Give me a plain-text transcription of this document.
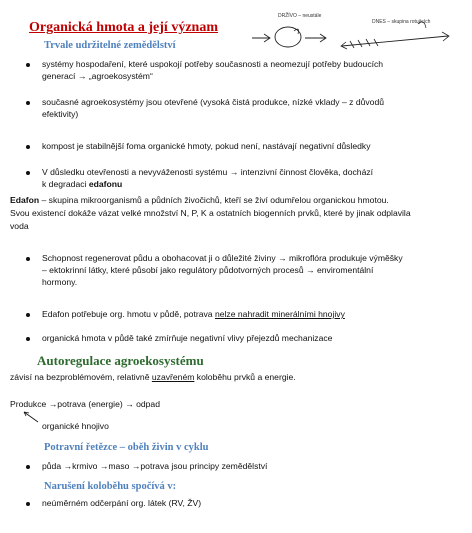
Organická hmota a její význam
DRŽÍVO – neustále
DNES – skupina rotujících
Trvale udržitelné zemědělství
systémy hospodaření, které uspokojí potřeby současnosti a neomezují potřeby budoucích
generací → „agroekosystém“
současné agroekosystémy jsou otevřené (vysoká čistá produkce, nízké vklady – z důvodů
efektivity)
kompost je stabilnější foma organické hmoty, pokud není, nastávají negativní důsledky
V důsledku otevřenosti a nevyváženosti systému → intenzivní činnost člověka, dochází
k degradaci edafonu
Edafon – skupina mikroorganismů a půdních živočichů, kteří se živí odumřelou organickou hmotou.
Svou existencí dokáže vázat velké množství N, P, K a ostatních biogenních prvků, které by jinak odplavila
voda
Schopnost regenerovat půdu a obohacovat ji o důležité živiny → mikroflóra produkuje výměšky
– ektokrinní látky, které působí jako regulátory půdotvorných procesů → enviromentální
hormony.
Edafon potřebuje org. hmotu v půdě, potrava nelze nahradit minerálními hnojivy
organická hmota v půdě také zmírňuje negativní vlivy přejezdů mechanizace
Autoregulace agroekosystému
závisí na bezproblémovém, relativně uzavřeném koloběhu prvků a energie.
Produkce →potrava (energie) → odpad
organické hnojivo
Potravní řetězce – oběh živin v cyklu
půda →krmivo →maso →potrava jsou principy zemědělství
Narušení koloběhu spočívá v:
neúměrném odčerpání org. látek (RV, ŽV)
